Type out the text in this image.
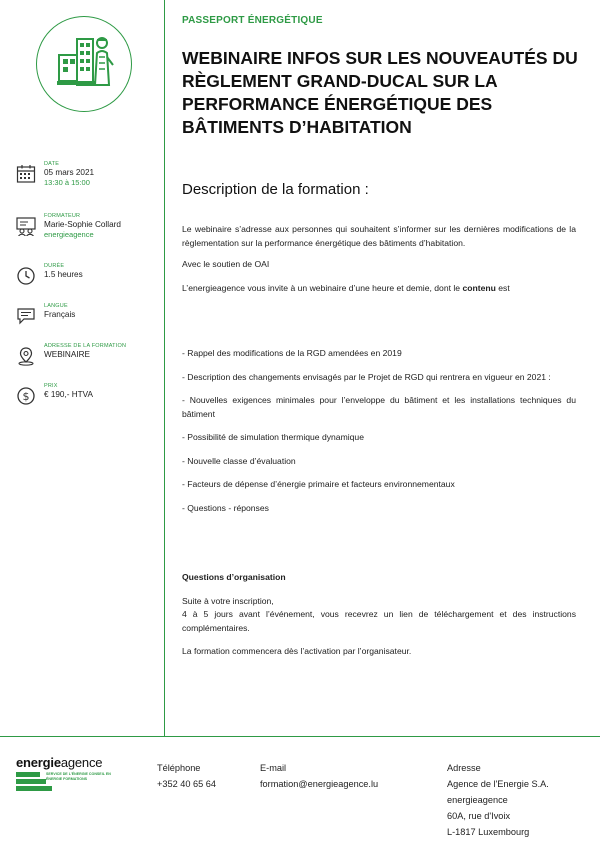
DATE
05 mars 2021
13:30 à 15:00
FORMATEUR
Marie-Sophie Collard
energieagence
DURÉE
1.5 heures
LANGUE
Français
ADRESSE DE LA FORMATION
WEBINAIRE
$
PRIX
€ 190,- HTVA
PASSEPORT ÉNERGÉTIQUE
WEBINAIRE INFOS SUR LES NOUVEAUTÉS DU RÈGLEMENT GRAND-DUCAL SUR LA PERFORMANCE ÉNERGÉTIQUE DES BÂTIMENTS D’HABITATION
Description de la formation :

Le webinaire s’adresse aux personnes qui souhaitent s’informer sur les dernières modifications de la règlementation sur la performance énergétique des bâtiments d’habitation.

Avec le soutien de OAI

L’energieagence vous invite à un webinaire d’une heure et demie, dont le contenu est

- Rappel des modifications de la RGD amendées en 2019

- Description des changements envisagés par le Projet de RGD qui rentrera en vigueur en 2021 :

- Nouvelles exigences minimales pour l’enveloppe du bâtiment et les installations techniques du bâtiment

- Possibilité de simulation thermique dynamique

- Nouvelle classe d’évaluation

- Facteurs de dépense d’énergie primaire et facteurs environnementaux

- Questions - réponses

Questions d’organisation

Suite à votre inscription,

4 à 5 jours avant l’événement, vous recevrez un lien de téléchargement et des instructions complémentaires.

La formation commencera dès l’activation par l’organisateur.

energieagence
SERVICE DE L'ÉNERGIE CONSEIL EN ÉNERGIE FORMATIONS
Téléphone
+352 40 65 64
E-mail
formation@energieagence.lu
Adresse
Agence de l'Energie S.A.
energieagence
60A, rue d'Ivoix
L-1817 Luxembourg
